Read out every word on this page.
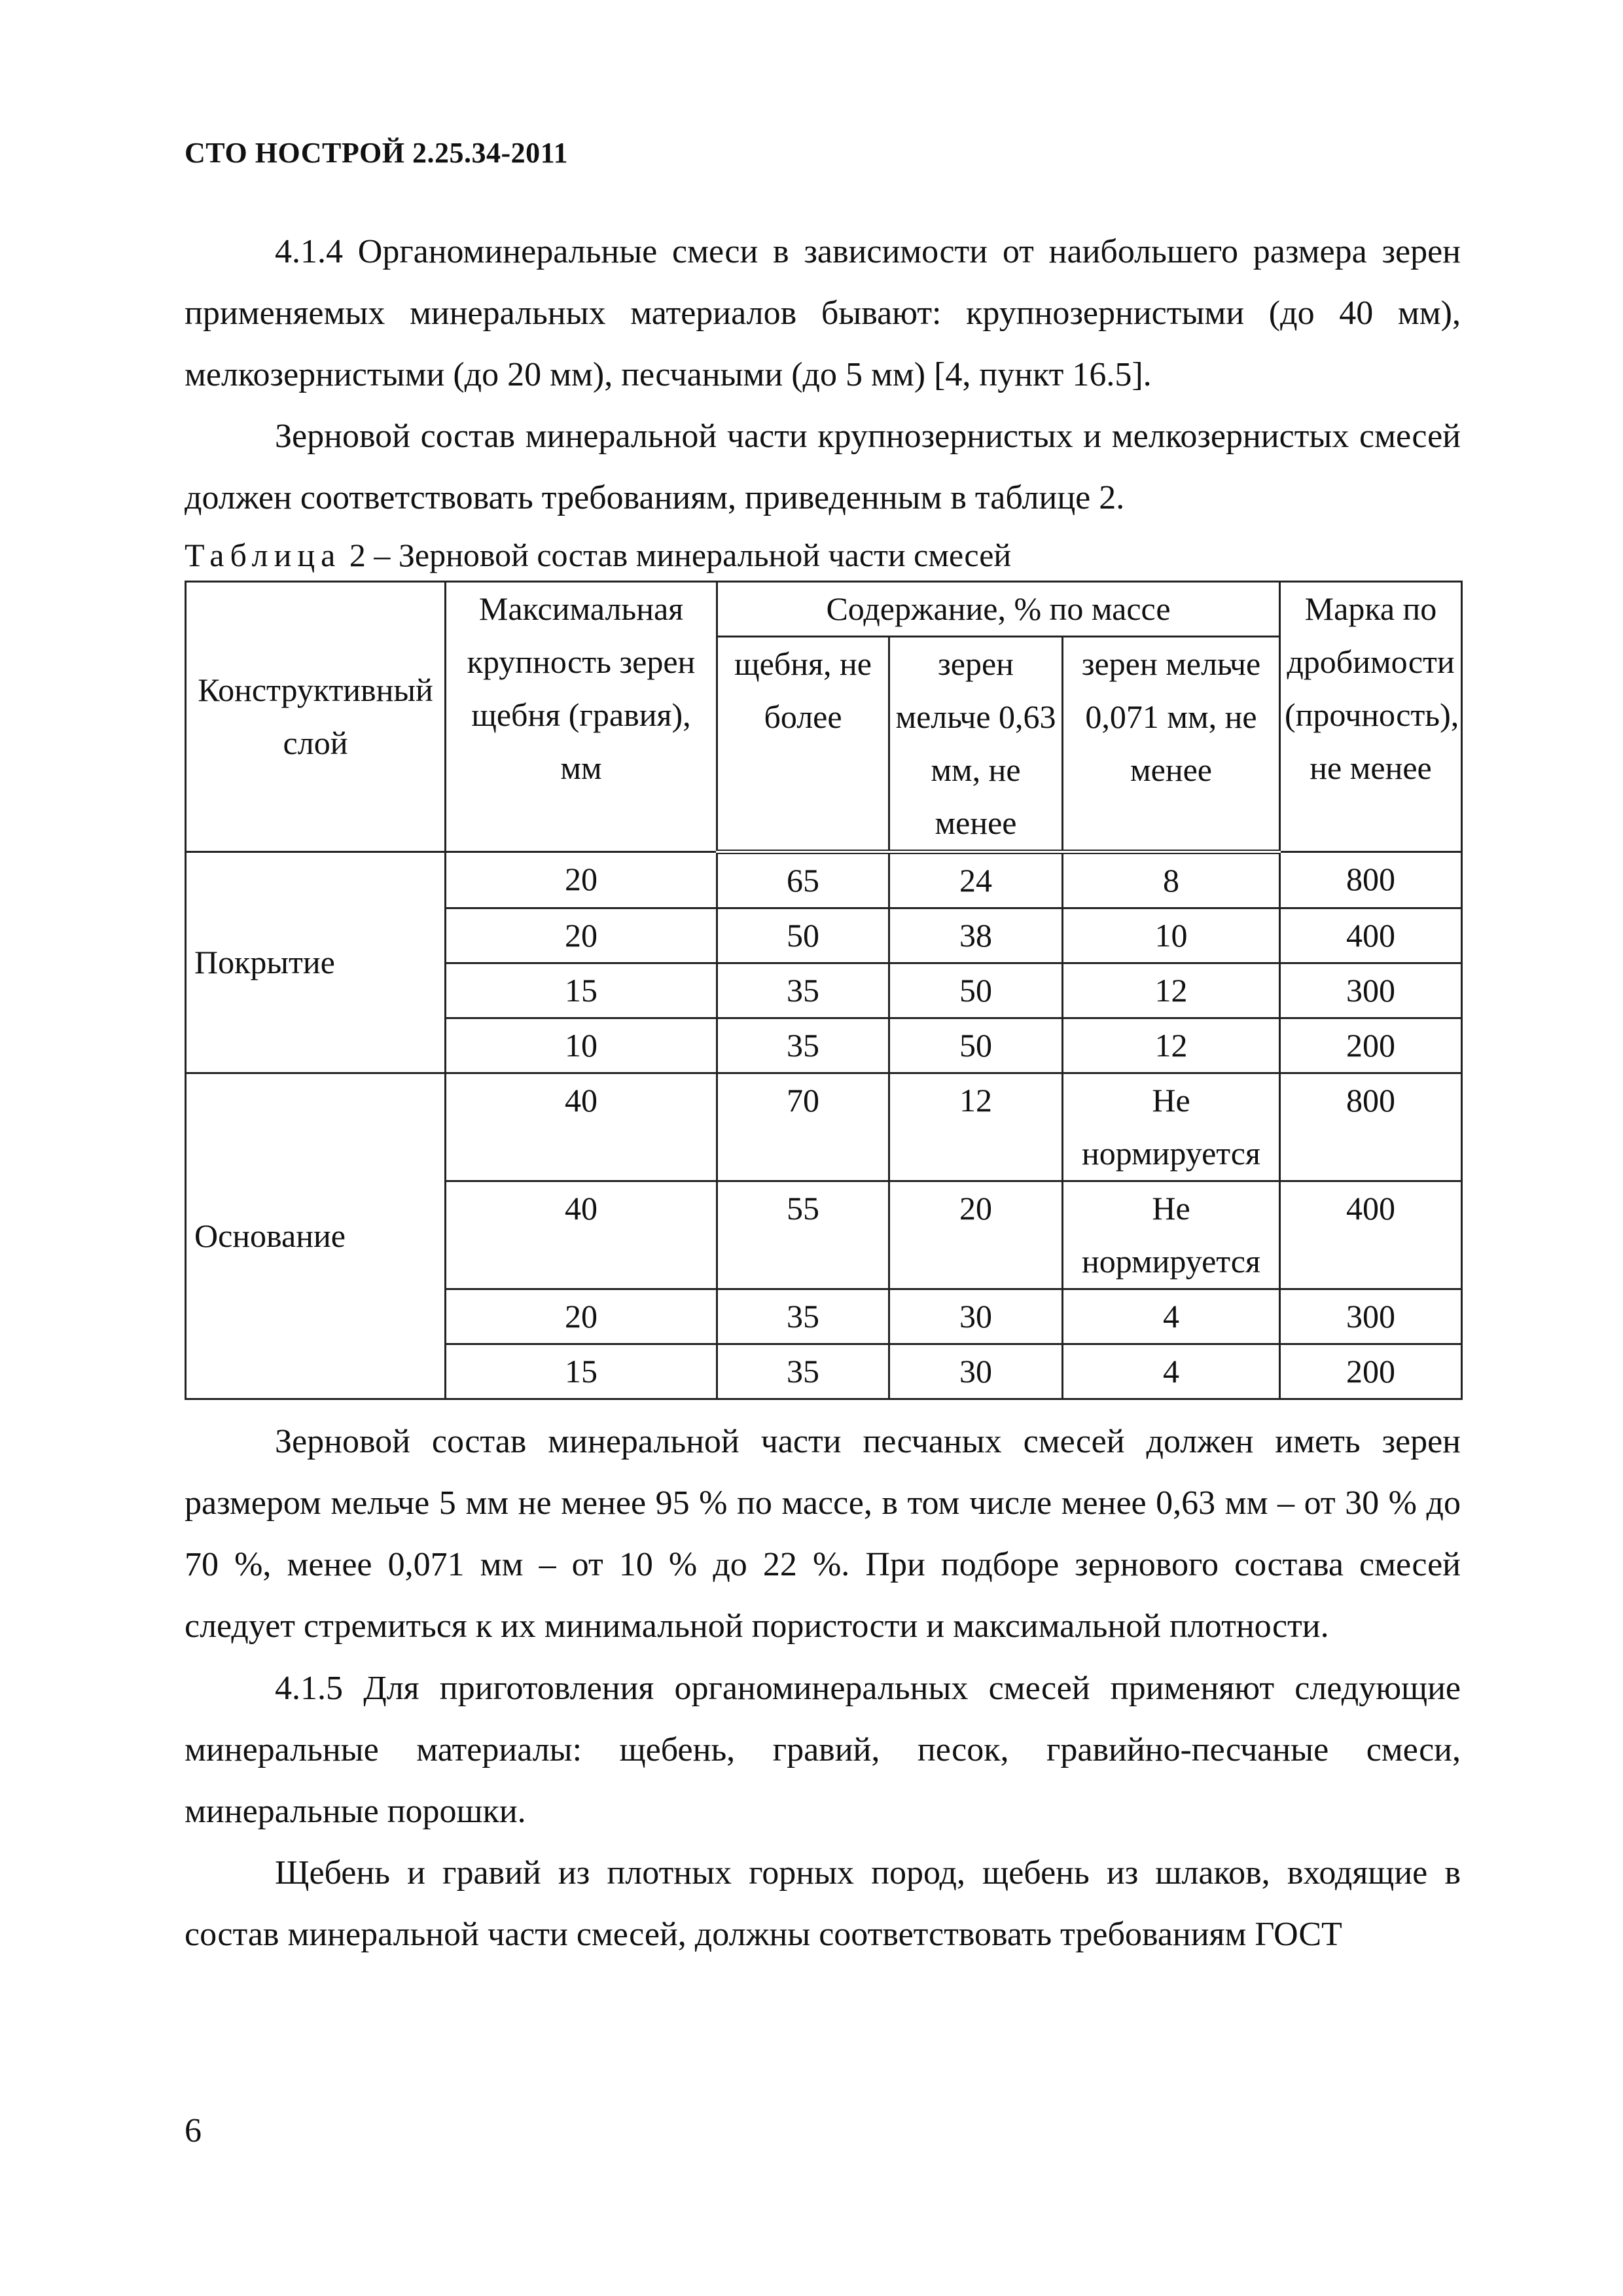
СТО НОСТРОЙ 2.25.34-2011

4.1.4 Органоминеральные смеси в зависимости от наибольшего размера зерен применяемых минеральных материалов бывают: крупнозернистыми (до 40 мм), мелкозернистыми (до 20 мм), песчаными (до 5 мм) [4, пункт 16.5].

Зерновой состав минеральной части крупнозернистых и мелкозернистых смесей должен соответствовать требованиям, приведенным в таблице 2.

Таблица 2 – Зерновой состав минеральной части смесей
Конструктивный слой	Максимальная крупность зерен щебня (гравия), мм	Содержание, % по массе			Марка по дробимости (прочность), не менее
		щебня, не более	зерен мельче 0,63 мм, не менее	зерен мельче 0,071 мм, не менее	
Покрытие	20	65	24	8	800
	20	50	38	10	400
	15	35	50	12	300
	10	35	50	12	200
Основание	40	70	12	Не нормируется	800
	40	55	20	Не нормируется	400
	20	35	30	4	300
	15	35	30	4	200

Зерновой состав минеральной части песчаных смесей должен иметь зерен размером мельче 5 мм не менее 95 % по массе, в том числе менее 0,63 мм – от 30 % до 70 %, менее 0,071 мм – от 10 % до 22 %. При подборе зернового состава смесей следует стремиться к их минимальной пористости и максимальной плотности.

4.1.5 Для приготовления органоминеральных смесей применяют следующие минеральные материалы: щебень, гравий, песок, гравийно-песчаные смеси, минеральные порошки.

Щебень и гравий из плотных горных пород, щебень из шлаков, входящие в состав минеральной части смесей, должны соответствовать требованиям ГОСТ

6
